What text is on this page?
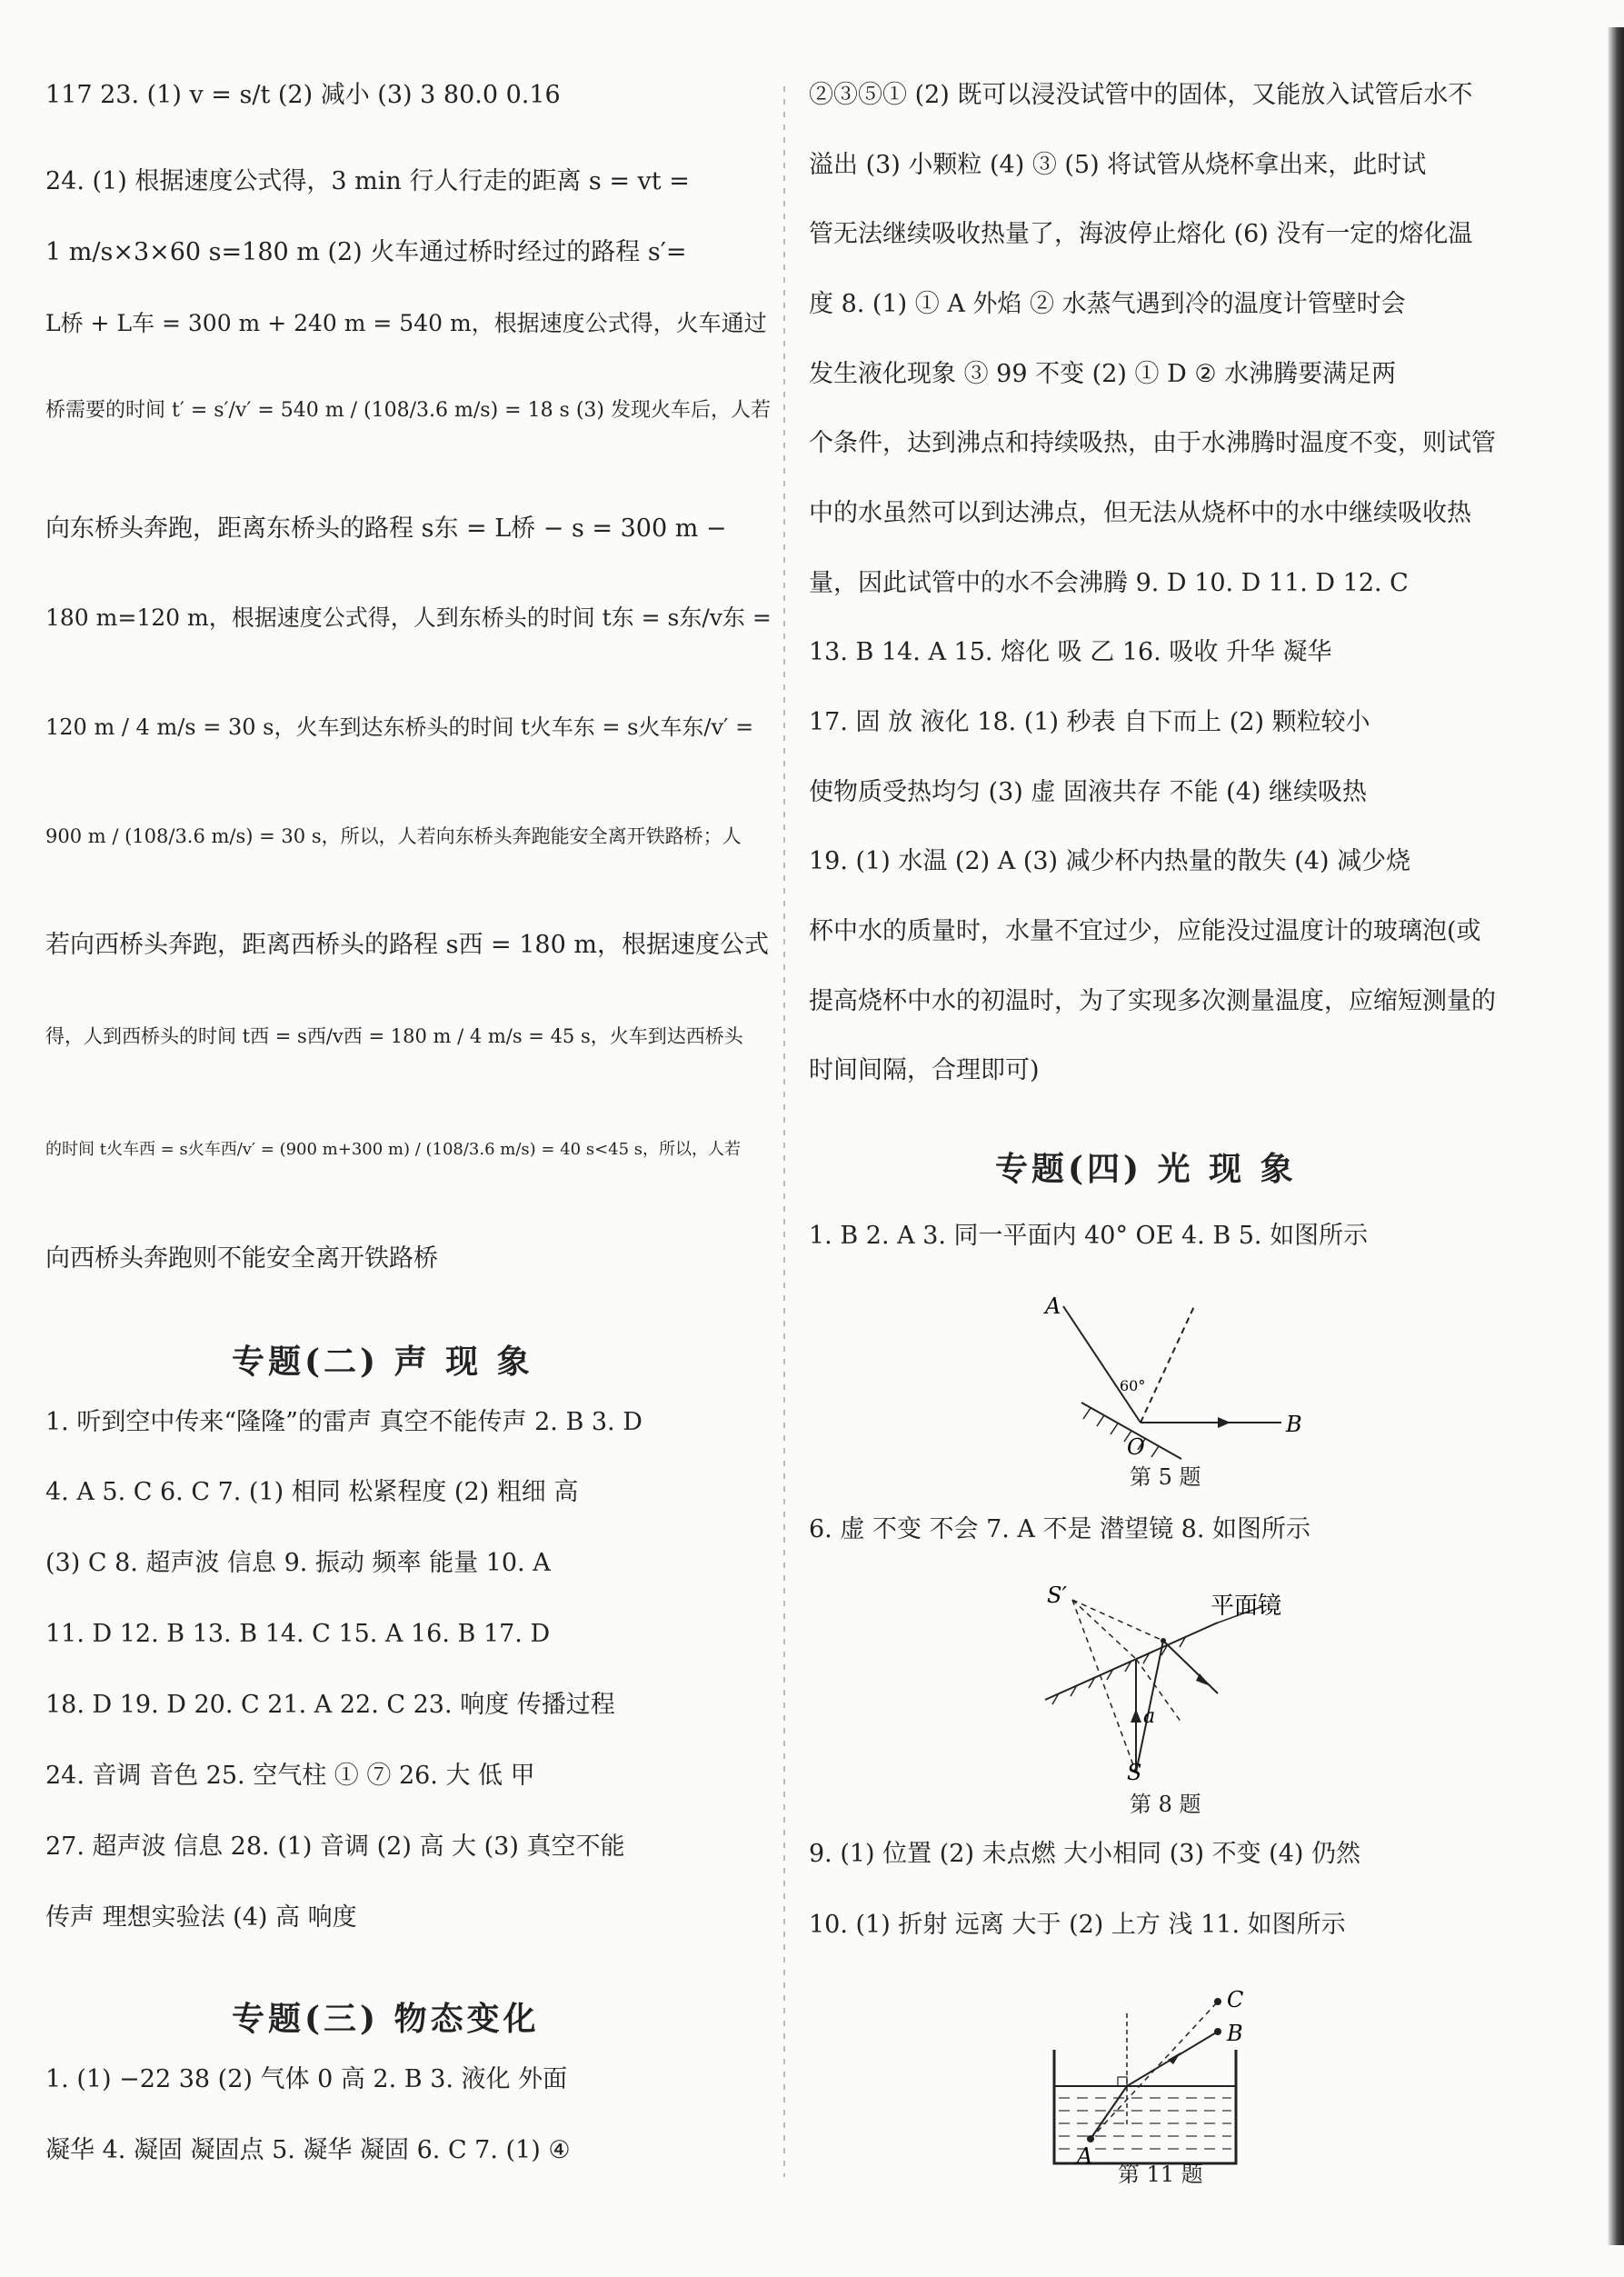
117 23. (1) v = s/t (2) 减小 (3) 3 80.0 0.16
24. (1) 根据速度公式得，3 min 行人行走的距离 s = vt =
1 m/s×3×60 s=180 m (2) 火车通过桥时经过的路程 s′=
L桥 + L车 = 300 m + 240 m = 540 m，根据速度公式得，火车通过
桥需要的时间 t′ = s′/v′ = 540 m / (108/3.6 m/s) = 18 s (3) 发现火车后，人若
向东桥头奔跑，距离东桥头的路程 s东 = L桥 − s = 300 m −
180 m=120 m，根据速度公式得，人到东桥头的时间 t东 = s东/v东 =
120 m / 4 m/s = 30 s，火车到达东桥头的时间 t火车东 = s火车东/v′ =
900 m / (108/3.6 m/s) = 30 s，所以，人若向东桥头奔跑能安全离开铁路桥；人
若向西桥头奔跑，距离西桥头的路程 s西 = 180 m，根据速度公式
得，人到西桥头的时间 t西 = s西/v西 = 180 m / 4 m/s = 45 s，火车到达西桥头
的时间 t火车西 = s火车西/v′ = (900 m+300 m) / (108/3.6 m/s) = 40 s<45 s，所以，人若
向西桥头奔跑则不能安全离开铁路桥
1. 听到空中传来“隆隆”的雷声 真空不能传声 2. B 3. D
4. A 5. C 6. C 7. (1) 相同 松紧程度 (2) 粗细 高
(3) C 8. 超声波 信息 9. 振动 频率 能量 10. A
11. D 12. B 13. B 14. C 15. A 16. B 17. D
18. D 19. D 20. C 21. A 22. C 23. 响度 传播过程
24. 音调 音色 25. 空气柱 ① ⑦ 26. 大 低 甲
27. 超声波 信息 28. (1) 音调 (2) 高 大 (3) 真空不能
传声 理想实验法 (4) 高 响度
1. (1) −22 38 (2) 气体 0 高 2. B 3. 液化 外面
凝华 4. 凝固 凝固点 5. 凝华 凝固 6. C 7. (1) ④
②③⑤① (2) 既可以浸没试管中的固体，又能放入试管后水不
溢出 (3) 小颗粒 (4) ③ (5) 将试管从烧杯拿出来，此时试
管无法继续吸收热量了，海波停止熔化 (6) 没有一定的熔化温
度 8. (1) ① A 外焰 ② 水蒸气遇到冷的温度计管壁时会
发生液化现象 ③ 99 不变 (2) ① D ② 水沸腾要满足两
个条件，达到沸点和持续吸热，由于水沸腾时温度不变，则试管
中的水虽然可以到达沸点，但无法从烧杯中的水中继续吸收热
量，因此试管中的水不会沸腾 9. D 10. D 11. D 12. C
13. B 14. A 15. 熔化 吸 乙 16. 吸收 升华 凝华
17. 固 放 液化 18. (1) 秒表 自下而上 (2) 颗粒较小
使物质受热均匀 (3) 虚 固液共存 不能 (4) 继续吸热
19. (1) 水温 (2) A (3) 减少杯内热量的散失 (4) 减少烧
杯中水的质量时，水量不宜过少，应能没过温度计的玻璃泡(或
提高烧杯中水的初温时，为了实现多次测量温度，应缩短测量的
时间间隔，合理即可)
1. B 2. A 3. 同一平面内 40° OE 4. B 5. 如图所示
6. 虚 不变 不会 7. A 不是 潜望镜 8. 如图所示
9. (1) 位置 (2) 未点燃 大小相同 (3) 不变 (4) 仍然
10. (1) 折射 远离 大于 (2) 上方 浅 11. 如图所示
专题(二) 声 现 象
专题(三) 物态变化
专题(四) 光 现 象
A
B
O
60°
第 5 题
平面镜
S′
S
a
第 8 题
A
B
C
第 11 题
